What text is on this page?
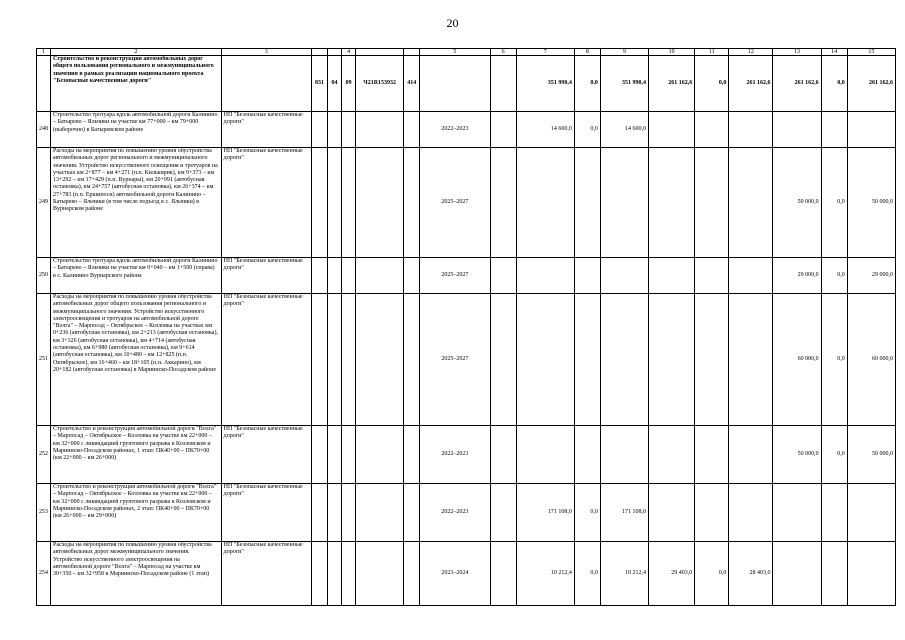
20
1	2	3			4			5	6	7	8	9	10	11	12	13	14	15
	Строительство и реконструкция автомобильных дорог общего пользования регионального и межмуниципального значения в рамках реализации национального проекта "Безопасные качественные дороги"		831	04	09	Ч21R153932	414			351 990,4	0,0	351 990,4	261 162,6	0,0	261 162,6	261 162,6	0,0	261 162,6
248	Строительство тротуара вдоль автомобильной дороги Калинино – Батырево – Яльчики на участке км 77+000 – км 79+000 (выборочно) в Батыревском районе	НП "Безопасные качественные дороги"						2022–2023		14 600,0	0,0	14 600,0						
249	Расходы на мероприятия по повышению уровня обустройства автомобильных дорог регионального и межмуниципального значения. Устройство искусственного освещения и тротуаров на участках км 2+877 – км 4+271 (п.п. Килькирик), км 9+373 – км 13+292 – км 17+429 (п.п. Вурнары), км 20+991 (автобусная остановка), км 24+757 (автобусная остановка), км 26+374 – км 27+783 (п.п. Ершипоси) автомобильной дороги Калинино – Батырево – Яльчики (в том числе подъезд к с. Яльчики) в Вурнарском районе	НП "Безопасные качественные дороги"						2025–2027								50 000,0	0,0	50 000,0
250	Строительство тротуара вдоль автомобильной дороги Калинино – Батырево – Яльчики на участке км 0+040 – км 1+500 (справа) в с. Калинино Вурнарского района	НП "Безопасные качественные дороги"						2025–2027								29 000,0	0,0	29 000,0
251	Расходы на мероприятия по повышению уровня обустройства автомобильных дорог общего пользования регионального и межмуниципального значения. Устройство искусственного электроосвещения и тротуаров на автомобильной дороге "Волга" – Марпосад – Октябрьское – Козловка на участках км 0+236 (автобусная остановка), км 2+213 (автобусная остановка), км 3+326 (автобусная остановка), км 4+714 (автобусная остановка), км 6+980 (автобусная остановка), км 9+614 (автобусная остановка), км 10+480 – км 12+825 (п.п. Октябрьское), км 16+460 – км 18+105 (п.п. Аккарино), км 20+182 (автобусная остановка) в Мариинско-Посадском районе	НП "Безопасные качественные дороги"						2025–2027								60 000,0	0,0	60 000,0
252	Строительство и реконструкция автомобильной дороги "Волга" – Марпосад – Октябрьское – Козловка на участке км 22+000 – км 32+000 с ликвидацией грунтового разрыва в Козловском и Мариинско-Посадском районах, 1 этап: ПК40+00 – ПК70+00 (км 22+000 – км 26+000)	НП "Безопасные качественные дороги"						2022–2023								50 000,0	0,0	50 000,0
253	Строительство и реконструкция автомобильной дороги "Волга" – Марпосад – Октябрьское – Козловка на участке км 22+000 – км 32+000 с ликвидацией грунтового разрыва в Козловском и Мариинско-Посадском районах, 2 этап: ПК40+00 – ПК70+00 (км 26+000 – км 29+000)	НП "Безопасные качественные дороги"						2022–2023		171 108,0	0,0	171 108,0						
254	Расходы на мероприятия по повышению уровня обустройства автомобильных дорог межмуниципального значения. Устройство искусственного электроосвещения на автомобильной дороге "Волга" – Марпосад на участке км 30+350 – км 32+958 в Мариинско-Посадском районе (1 этап)	НП "Безопасные качественные дороги"						2023–2024		10 212,4	0,0	10 212,4	29 403,0	0,0	28 403,0			
